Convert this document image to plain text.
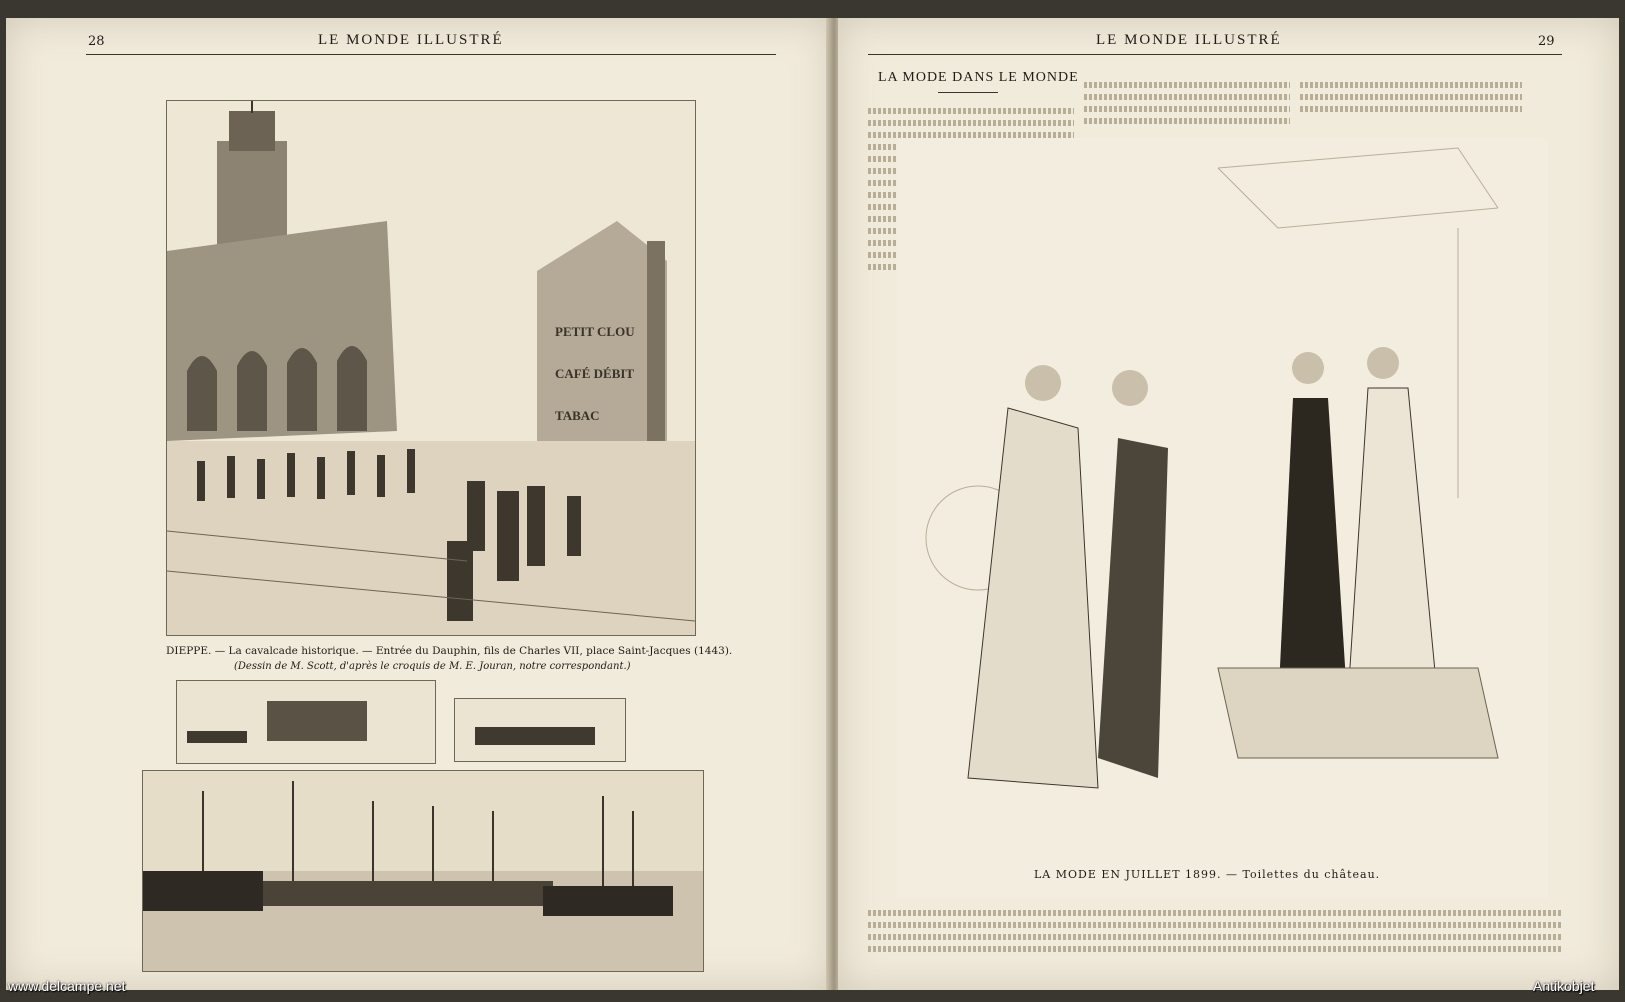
28	LE MONDE ILLUSTRÉ
PETIT CLOU
CAFÉ DÉBIT
TABAC
DIEPPE. — La cavalcade historique. — Entrée du Dauphin, fils de Charles VII, place Saint-Jacques (1443).
(Dessin de M. Scott, d'après le croquis de M. E. Jouran, notre correspondant.)
LE MONDE ILLUSTRÉ	29
LA MODE DANS LE MONDE
LA MODE EN JUILLET 1899. — Toilettes du château.
www.delcampe.net	Antikobjet
